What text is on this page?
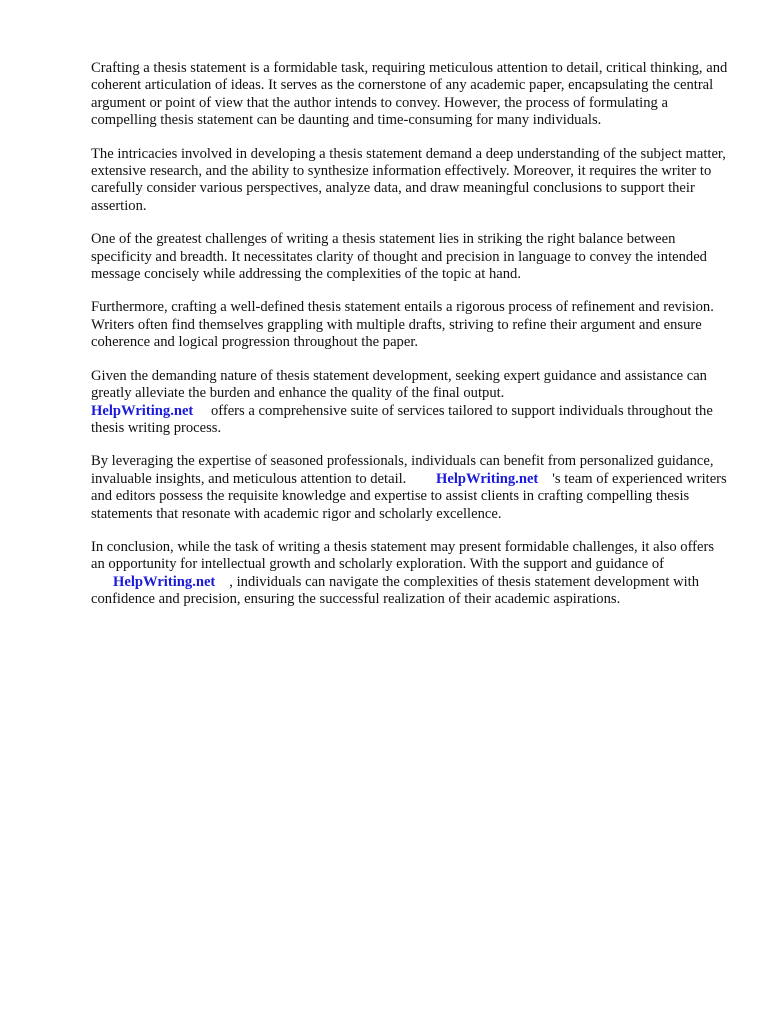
Crafting a thesis statement is a formidable task, requiring meticulous attention to detail, critical thinking, and coherent articulation of ideas. It serves as the cornerstone of any academic paper, encapsulating the central argument or point of view that the author intends to convey. However, the process of formulating a compelling thesis statement can be daunting and time-consuming for many individuals.

The intricacies involved in developing a thesis statement demand a deep understanding of the subject matter, extensive research, and the ability to synthesize information effectively. Moreover, it requires the writer to carefully consider various perspectives, analyze data, and draw meaningful conclusions to support their assertion.

One of the greatest challenges of writing a thesis statement lies in striking the right balance between specificity and breadth. It necessitates clarity of thought and precision in language to convey the intended message concisely while addressing the complexities of the topic at hand.

Furthermore, crafting a well-defined thesis statement entails a rigorous process of refinement and revision. Writers often find themselves grappling with multiple drafts, striving to refine their argument and ensure coherence and logical progression throughout the paper.

Given the demanding nature of thesis statement development, seeking expert guidance and assistance can greatly alleviate the burden and enhance the quality of the final output.
HelpWriting.net offers a comprehensive suite of services tailored to support individuals throughout the thesis writing process.

By leveraging the expertise of seasoned professionals, individuals can benefit from personalized guidance, invaluable insights, and meticulous attention to detail. HelpWriting.net 's team of experienced writers and editors possess the requisite knowledge and expertise to assist clients in crafting compelling thesis statements that resonate with academic rigor and scholarly excellence.

In conclusion, while the task of writing a thesis statement may present formidable challenges, it also offers an opportunity for intellectual growth and scholarly exploration. With the support and guidance of HelpWriting.net , individuals can navigate the complexities of thesis statement development with confidence and precision, ensuring the successful realization of their academic aspirations.
